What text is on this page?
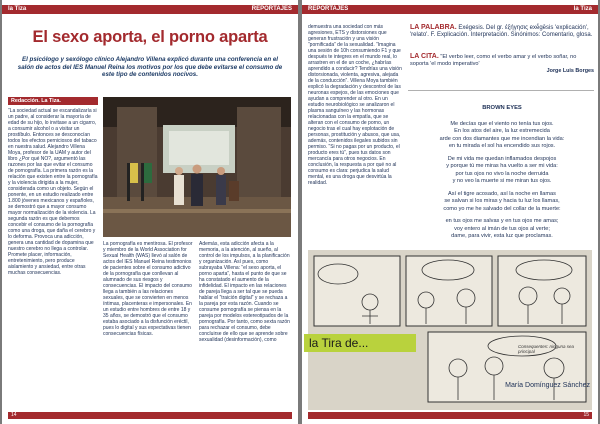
la Tiza	REPORTAJES
El sexo aporta, el porno aparta

El psicólogo y sexólogo clínico Alejandro Villena explicó durante una conferencia en el salón de actos del IES Manuel Reina los motivos por los que debe evitarse el consumo de este tipo de contenidos nocivos.

Redacción. La Tiza.

“La sociedad actual se escandalizaría si un padre, al considerar la mayoría de edad de su hijo, lo invitase a un cigarro, a consumir alcohol o a visitar un prostíbulo. Entonces se desconocían todos los efectos perniciosos del tabaco en nuestra salud. Alejandro Villena Moya, profesor de la UAM y autor del libro ¿Por qué NO?, argumentó las razones por las que evitar el consumo de pornografía. La primera razón es la relación que existen entre la pornografía y la violencia dirigida a la mujer, considerada como un objeto. Según el ponente, en un estudio realizado entre 1.800 jóvenes mexicanos y españoles, se demostró que a mayor consumo mayor normalización de la violencia. La segunda razón es que debemos concebir el consumo de la pornografía como una droga, que daña el cerebro y lo deforma. Provoca una adicción, genera una cantidad de dopamina que nuestro cerebro no llega a controlar. Promete placer, información, entretenimiento, pero produce aislamiento y ansiedad, entre otras muchas consecuencias.

La pornografía es mentirosa. El profesor y miembro de la World Association for Sexual Health (WAS) llevó al salón de actos del IES Manuel Reina testimonios de pacientes sobre el consumo adictivo de la pornografía que conllevan al alumnado de sus riesgos y consecuencias. El impacto del consumo llega a también a las relaciones sexuales, que se convierten en menos íntimas, placenteras e impersonales. En un estudio entre hombres de entre 18 y 35 años, se demostró que el consumo estaba asociado a la disfunción eréctil, pues lo digital y sus expectativas tienen consecuencias físicas.

Además, esta adicción afecta a la memoria, a la atención, al sueño, al control de los impulsos, a la planificación y organización. Así pues, como subrayaba Villena: “el sexo aporta, el porno aparta”, hasta el punto de que se ha constatado el aumento de la infidelidad. El impacto en las relaciones de pareja llega a ser tal que se pueda hablar el “traición digital” y se rechaza a la pareja por esta razón. Cuando se consume pornografía se piensa en la pareja por modelos estereotipados de la pornografía. Por tanto, como sexta razón para rechazar el consumo, debe concluirse de ello que se aprende sobre sexualidad (desinformación), como

14
REPORTAJES	la Tiza

demuestra una sociedad con más agresiones, ETS y distorsiones que generan frustración y una visión “pornificada” de la sexualidad. “Imagina una sesión de 10h consumiendo F1 y que después te integres en el mundo real, lo arrastren en el de un coche, ¿habrías aprendido a conducir? Tendrías una visión distorsionada, violenta, agresiva, alejada de la conducción”. Villena Moya también explicó la degradación y descontrol de las neuronas espejos, de las emociones que ayudan a comprender al otro. En un estudio neurobiológico se analizaron el plasma sanguíneo y las hormonas relacionadas con la empatía, que se alteran con el consumo de porno, un negocio tras el cual hay explotación de personas, prostitución y abusos, que usa, además, contenidos ilegales subidos sin permiso. “Si no pagas por un producto, el producto eres tú”, pues tus datos son mercancía para otros negocios. En conclusión, la respuesta a por qué no al consumo es clara: perjudica la salud mental, es una droga que desvirtúa la realidad.

LA PALABRA. Exégesis. Del gr. ἐξήγησις exḗgēsis 'explicación', 'relato'. F. Explicación. Interpretación. Sinónimos: Comentario, glosa.
LA CITA. "El verbo leer, como el verbo amar y el verbo soñar, no soporta 'el modo imperativo'
Jorge Luis Borges
BROWN EYES
Me decías que el viento no tenía tus ojos.
En los atos del aire, la luz estremecida
arde con dos diamantes que me incendian la vida:
en tu mirada el sol ha encendido sus rojos.
De mi vida me quedan inflamados despojos
y porque tú me miras ha vuelto a ser mi vida:
por tus ojos no vivo la noche derruida
y no veo la muerte si me miran tus ojos.
Así el tigre acosado, así la noche en llamas
se salvan si los miras y hacia tu luz los llamas,
como yo me he salvado del collar de la muerte:
en tus ojos me salvas y en tus ojos me amas;
voy entero al imán de tus ojos al verte;
dame, para vivir, esta luz que proclamas.
Consequentes: ninguna sea principal
la Tira de...
María Domínguez Sánchez
15
